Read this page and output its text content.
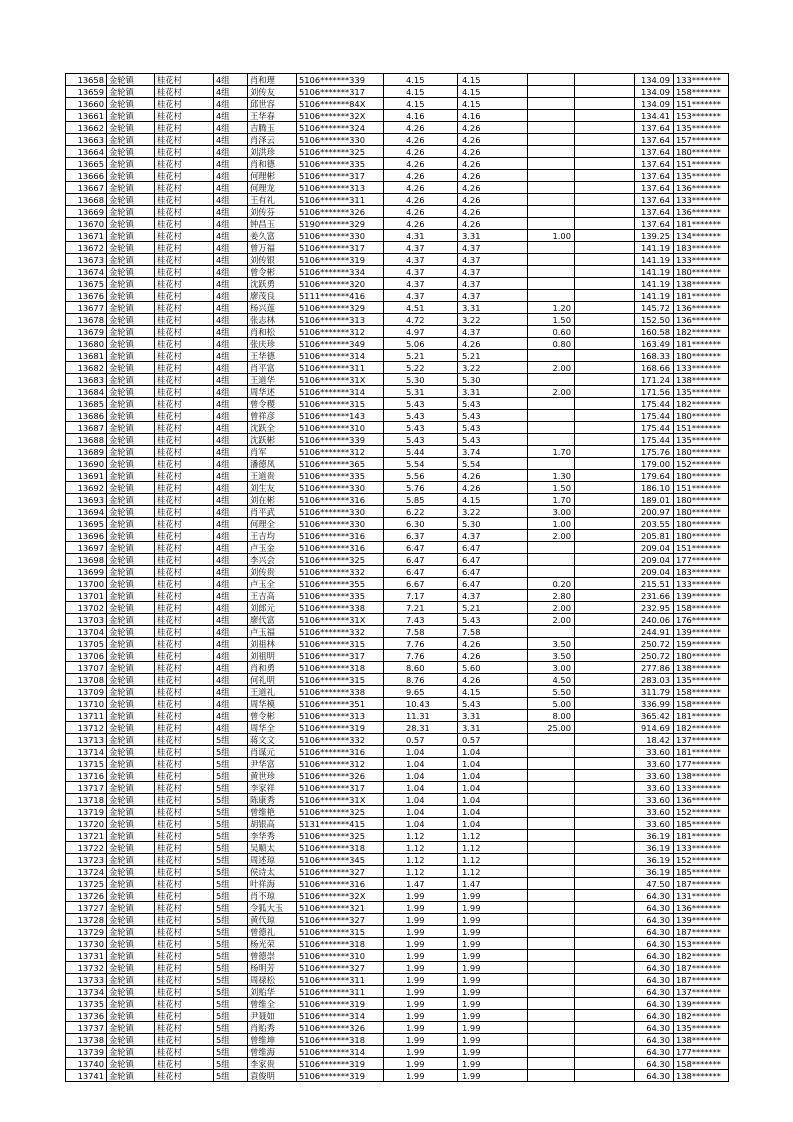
13658	金轮镇	桂花村	4组	肖和理	5106*******339	4.15	4.15			134.09	133*******
13659	金轮镇	桂花村	4组	刘传友	5106*******317	4.15	4.15			134.09	158*******
13660	金轮镇	桂花村	4组	邱世容	5106*******84X	4.15	4.15			134.09	151*******
13661	金轮镇	桂花村	4组	王华春	5106*******32X	4.16	4.16			134.41	153*******
13662	金轮镇	桂花村	4组	吉腾玉	5106*******324	4.26	4.26			137.64	135*******
13663	金轮镇	桂花村	4组	肖泽云	5106*******330	4.26	4.26			137.64	157*******
13664	金轮镇	桂花村	4组	刘洪珍	5106*******325	4.26	4.26			137.64	180*******
13665	金轮镇	桂花村	4组	肖和德	5106*******335	4.26	4.26			137.64	151*******
13666	金轮镇	桂花村	4组	何理彬	5106*******317	4.26	4.26			137.64	135*******
13667	金轮镇	桂花村	4组	何理龙	5106*******313	4.26	4.26			137.64	136*******
13668	金轮镇	桂花村	4组	王有礼	5106*******311	4.26	4.26			137.64	133*******
13669	金轮镇	桂花村	4组	刘传芬	5106*******326	4.26	4.26			137.64	136*******
13670	金轮镇	桂花村	4组	钟昌玉	5190*******329	4.26	4.26			137.64	181*******
13671	金轮镇	桂花村	4组	姜久富	5106*******330	4.31	3.31	1.00		139.25	134*******
13672	金轮镇	桂花村	4组	曾万福	5106*******317	4.37	4.37			141.19	183*******
13673	金轮镇	桂花村	4组	刘传银	5106*******319	4.37	4.37			141.19	133*******
13674	金轮镇	桂花村	4组	曾令彬	5106*******334	4.37	4.37			141.19	180*******
13675	金轮镇	桂花村	4组	沈跃勇	5106*******320	4.37	4.37			141.19	138*******
13676	金轮镇	桂花村	4组	廖茂良	5111*******416	4.37	4.37			141.19	181*******
13677	金轮镇	桂花村	4组	杨兴莲	5106*******329	4.51	3.31	1.20		145.72	136*******
13678	金轮镇	桂花村	4组	张志林	5106*******313	4.72	3.22	1.50		152.50	136*******
13679	金轮镇	桂花村	4组	肖和松	5106*******312	4.97	4.37	0.60		160.58	182*******
13680	金轮镇	桂花村	4组	张庆珍	5106*******349	5.06	4.26	0.80		163.49	181*******
13681	金轮镇	桂花村	4组	王华德	5106*******314	5.21	5.21			168.33	180*******
13682	金轮镇	桂花村	4组	肖平富	5106*******311	5.22	3.22	2.00		168.66	133*******
13683	金轮镇	桂花村	4组	王道华	5106*******31X	5.30	5.30			171.24	138*******
13684	金轮镇	桂花村	4组	周华述	5106*******314	5.31	3.31	2.00		171.56	135*******
13685	金轮镇	桂花村	4组	曾令稷	5106*******315	5.43	5.43			175.44	182*******
13686	金轮镇	桂花村	4组	曾祥彦	5106*******143	5.43	5.43			175.44	180*******
13687	金轮镇	桂花村	4组	沈跃全	5106*******310	5.43	5.43			175.44	151*******
13688	金轮镇	桂花村	4组	沈跃彬	5106*******339	5.43	5.43			175.44	135*******
13689	金轮镇	桂花村	4组	肖军	5106*******312	5.44	3.74	1.70		175.76	180*******
13690	金轮镇	桂花村	4组	潘德凤	5106*******365	5.54	5.54			179.00	152*******
13691	金轮镇	桂花村	4组	王道贵	5106*******335	5.56	4.26	1.30		179.64	180*******
13692	金轮镇	桂花村	4组	刘生友	5106*******330	5.76	4.26	1.50		186.10	151*******
13693	金轮镇	桂花村	4组	刘在彬	5106*******316	5.85	4.15	1.70		189.01	180*******
13694	金轮镇	桂花村	4组	肖平武	5106*******330	6.22	3.22	3.00		200.97	180*******
13695	金轮镇	桂花村	4组	何理全	5106*******330	6.30	5.30	1.00		203.55	180*******
13696	金轮镇	桂花村	4组	王吉均	5106*******316	6.37	4.37	2.00		205.81	180*******
13697	金轮镇	桂花村	4组	卢玉金	5106*******316	6.47	6.47			209.04	151*******
13698	金轮镇	桂花村	4组	李兴会	5106*******325	6.47	6.47			209.04	177*******
13699	金轮镇	桂花村	4组	刘传贵	5106*******332	6.47	6.47			209.04	183*******
13700	金轮镇	桂花村	4组	卢玉全	5106*******355	6.67	6.47	0.20		215.51	133*******
13701	金轮镇	桂花村	4组	王吉高	5106*******335	7.17	4.37	2.80		231.66	139*******
13702	金轮镇	桂花村	4组	刘郎元	5106*******338	7.21	5.21	2.00		232.95	158*******
13703	金轮镇	桂花村	4组	廖代富	5106*******31X	7.43	5.43	2.00		240.06	176*******
13704	金轮镇	桂花村	4组	卢玉福	5106*******332	7.58	7.58			244.91	139*******
13705	金轮镇	桂花村	4组	刘祖林	5106*******315	7.76	4.26	3.50		250.72	159*******
13706	金轮镇	桂花村	4组	刘祖明	5106*******317	7.76	4.26	3.50		250.72	180*******
13707	金轮镇	桂花村	4组	肖和勇	5106*******318	8.60	5.60	3.00		277.86	138*******
13708	金轮镇	桂花村	4组	何礼明	5106*******315	8.76	4.26	4.50		283.03	135*******
13709	金轮镇	桂花村	4组	王道礼	5106*******338	9.65	4.15	5.50		311.79	158*******
13710	金轮镇	桂花村	4组	周华模	5106*******351	10.43	5.43	5.00		336.99	158*******
13711	金轮镇	桂花村	4组	曾令彬	5106*******313	11.31	3.31	8.00		365.42	181*******
13712	金轮镇	桂花村	4组	周华全	5106*******319	28.31	3.31	25.00		914.69	182*******
13713	金轮镇	桂花村	5组	蒋文文	5106*******332	0.57	0.57			18.42	137*******
13714	金轮镇	桂花村	5组	肖谋元	5106*******316	1.04	1.04			33.60	181*******
13715	金轮镇	桂花村	5组	尹华富	5106*******312	1.04	1.04			33.60	177*******
13716	金轮镇	桂花村	5组	黄世珍	5106*******326	1.04	1.04			33.60	138*******
13717	金轮镇	桂花村	5组	李家祥	5106*******317	1.04	1.04			33.60	133*******
13718	金轮镇	桂花村	5组	陈康秀	5106*******31X	1.04	1.04			33.60	136*******
13719	金轮镇	桂花村	5组	曾维艳	5106*******325	1.04	1.04			33.60	152*******
13720	金轮镇	桂花村	5组	胡银高	5131*******415	1.04	1.04			33.60	185*******
13721	金轮镇	桂花村	5组	李华秀	5106*******325	1.12	1.12			36.19	181*******
13722	金轮镇	桂花村	5组	吴顺太	5106*******318	1.12	1.12			36.19	133*******
13723	金轮镇	桂花村	5组	周述琼	5106*******345	1.12	1.12			36.19	152*******
13724	金轮镇	桂花村	5组	侯诗太	5106*******327	1.12	1.12			36.19	185*******
13725	金轮镇	桂花村	5组	叶祥海	5106*******316	1.47	1.47			47.50	187*******
13726	金轮镇	桂花村	5组	肖不琼	5106*******32X	1.99	1.99			64.30	131*******
13727	金轮镇	桂花村	5组	令狐大玉	5106*******321	1.99	1.99			64.30	136*******
13728	金轮镇	桂花村	5组	黄代琼	5106*******327	1.99	1.99			64.30	139*******
13729	金轮镇	桂花村	5组	曾德礼	5106*******315	1.99	1.99			64.30	187*******
13730	金轮镇	桂花村	5组	杨光荣	5106*******318	1.99	1.99			64.30	153*******
13731	金轮镇	桂花村	5组	曾德崇	5106*******310	1.99	1.99			64.30	182*******
13732	金轮镇	桂花村	5组	杨明芳	5106*******327	1.99	1.99			64.30	187*******
13733	金轮镇	桂花村	5组	周禄松	5106*******311	1.99	1.99			64.30	187*******
13734	金轮镇	桂花村	5组	刘贻华	5106*******311	1.99	1.99			64.30	137*******
13735	金轮镇	桂花村	5组	曾维全	5106*******319	1.99	1.99			64.30	139*******
13736	金轮镇	桂花村	5组	尹聂如	5106*******314	1.99	1.99			64.30	182*******
13737	金轮镇	桂花村	5组	肖贻秀	5106*******326	1.99	1.99			64.30	135*******
13738	金轮镇	桂花村	5组	曾维坤	5106*******318	1.99	1.99			64.30	138*******
13739	金轮镇	桂花村	5组	曾维海	5106*******314	1.99	1.99			64.30	177*******
13740	金轮镇	桂花村	5组	李家贵	5106*******319	1.99	1.99			64.30	158*******
13741	金轮镇	桂花村	5组	袁俊明	5106*******319	1.99	1.99			64.30	138*******
